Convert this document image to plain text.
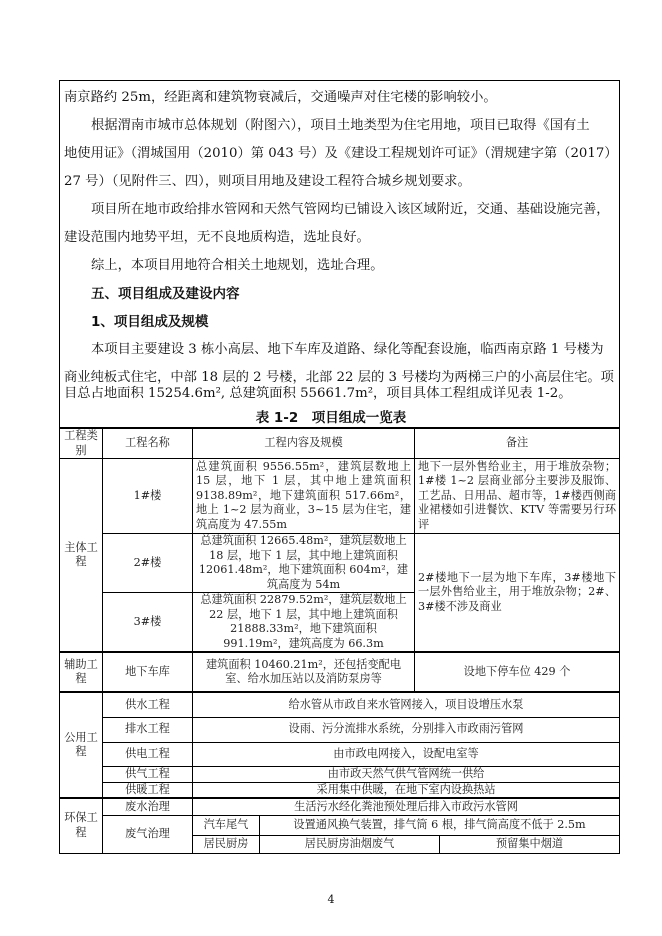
南京路约 25m，经距离和建筑物衰减后，交通噪声对住宅楼的影响较小。
根据渭南市城市总体规划（附图六），项目土地类型为住宅用地，项目已取得《国有土
地使用证》（渭城国用（2010）第 043 号）及《建设工程规划许可证》（渭规建字第（2017）
27 号）（见附件三、四），则项目用地及建设工程符合城乡规划要求。
项目所在地市政给排水管网和天然气管网均已铺设入该区域附近，交通、基础设施完善，
建设范围内地势平坦，无不良地质构造，选址良好。
综上，本项目用地符合相关土地规划，选址合理。
五、项目组成及建设内容
1、项目组成及规模
本项目主要建设 3 栋小高层、地下车库及道路、绿化等配套设施，临西南京路 1 号楼为
商业纯板式住宅，中部 18 层的 2 号楼，北部 22 层的 3 号楼均为两梯三户的小高层住宅。项
目总占地面积 15254.6m², 总建筑面积 55661.7m²，项目具体工程组成详见表 1-2。
表 1-2　项目组成一览表
工程类别	工程名称	工程内容及规模		备注	
主体工程	1#楼	总建筑面积 9556.55m²，建筑层数地上 15 层，地下 1 层，其中地上建筑面积 9138.89m²，地下建筑面积 517.66m²，地上 1~2 层为商业，3~15 层为住宅，建筑高度为 47.55m		地下一层外售给业主，用于堆放杂物；1#楼 1~2 层商业部分主要涉及服饰、工艺品、日用品、超市等，1#楼西侧商业裙楼如引进餐饮、KTV 等需要另行环评	
	2#楼	总建筑面积 12665.48m²，建筑层数地上 18 层，地下 1 层，其中地上建筑面积 12061.48m²，地下建筑面积 604m²，建筑高度为 54m		2#楼地下一层为地下车库，3#楼地下一层外售给业主，用于堆放杂物；2#、3#楼不涉及商业	
	3#楼	总建筑面积 22879.52m²，建筑层数地上 22 层，地下 1 层，其中地上建筑面积 21888.33m²，地下建筑面积 991.19m²，建筑高度为 66.3m			
辅助工程	地下车库	建筑面积 10460.21m²，还包括变配电室、给水加压站以及消防泵房等		设地下停车位 429 个	
公用工程	供水工程	给水管从市政自来水管网接入，项目设增压水泵			
	排水工程	设雨、污分流排水系统，分别排入市政雨污管网			
	供电工程	由市政电网接入，设配电室等			
	供气工程	由市政天然气供气管网统一供给			
	供暖工程	采用集中供暖，在地下室内设换热站			
环保工程	废水治理	生活污水经化粪池预处理后排入市政污水管网			
	废气治理	汽车尾气	设置通风换气装置，排气筒 6 根，排气筒高度不低于 2.5m		
		居民厨房	居民厨房油烟废气		预留集中烟道
4
